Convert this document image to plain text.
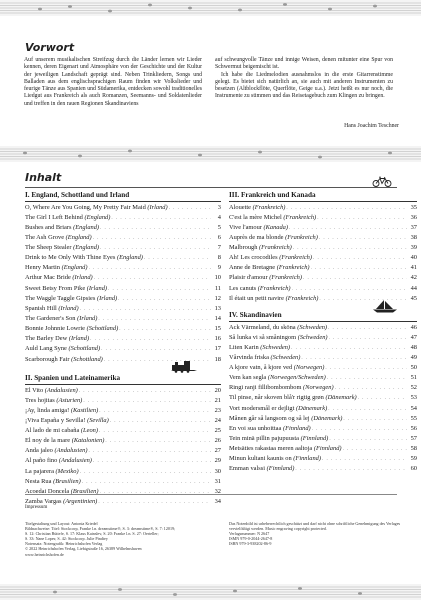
Vorwort

Auf unserem musikalischen Streifzug durch die Länder lernen wir Lieder kennen, deren Eigenart und Atmosphäre von der Geschichte und der Kultur der jeweiligen Landschaft geprägt sind. Neben Trinkliedern, Songs und Balladen aus dem englischsprachigen Raum finden wir Volkslieder und feurige Tänze aus Spanien und Südamerika, entdecken sowohl traditionelles Liedgut aus Frankreich als auch Romanzen, Seemanns- und Soldatenlieder und treffen in den rauen Regionen Skandinaviens

auf schwungvolle Tänze und innige Weisen, denen mitunter eine Spur von Schwermut beigemischt ist.

Ich habe die Liedmelodien ausnahmslos in die erste Gitarrenstimme gelegt. Es bietet sich natürlich an, sie auch mit anderen Instrumenten zu besetzen (Altblockflöte, Querflöte, Geige u.a.). Jetzt heißt es nur noch, die Instrumente zu stimmen und das Reisetagebuch zum Klingen zu bringen.

Hans Joachim Teschner
Inhalt
I. England, Schottland und Irland
O, Where Are You Going, My Pretty Fair Maid (Irland) . . .	3
The Girl I Left Behind (England) . . .	4
Bushes and Briars (England) . . .	5
The Ash Grove (England) . . .	6
The Sheep Stealer (England) . . .	7
Drink to Me Only With Thine Eyes (England) . . .	8
Henry Martin (England) . . .	9
Arthur Mac Bride (Irland) . . .	10
Sweet Betsy From Pike (Irland) . . .	11
The Waggle Taggle Gipsies (Irland) . . .	12
Spanish Hill (Irland) . . .	13
The Gardener's Son (Irland) . . .	14
Bonnie Johnnie Lowrie (Schottland) . . .	15
The Barley Dew (Irland) . . .	16
Auld Lang Syne (Schottland) . . .	17
Scarborough Fair (Schottland) . . .	18
II. Spanien und Lateinamerika
El Vito (Andalusien) . . .	20
Tres hojitas (Asturien) . . .	21
¡Ay, linda amiga! (Kastilien) . . .	23
¡Viva España y Sevilla! (Sevilla) . . .	24
Al lado de mi cabaña (Leon) . . .	25
El noy de la mare (Katalonien) . . .	26
Anda jaleo (Andalusien) . . .	27
Al paño fino (Andalusien) . . .	29
La pajarera (Mexiko) . . .	30
Nesta Rua (Brasilien) . . .	31
Acoedai Doncela (Brasilien) . . .	32
Zamba Vargas (Argentinien) . . .	34
III. Frankreich und Kanada
Alouette (Frankreich) . . .	35
C'est la mère Michel (Frankreich) . . .	36
Vive l'amour (Kanada) . . .	37
Auprès de ma blonde (Frankreich) . . .	38
Malbrough (Frankreich) . . .	39
Ah! Les crocodiles (Frankreich) . . .	40
Anne de Bretagne (Frankreich) . . .	41
Plaisir d'amour (Frankreich) . . .	42
Les canuts (Frankreich) . . .	44
Il était un petit navire (Frankreich) . . .	45
IV. Skandinavien
Ack Värmeland, du sköna (Schweden) . . .	46
Så lunka vi så småningom (Schweden) . . .	47
Liten Karin (Schweden) . . .	48
Vårvinda friska (Schweden) . . .	49
A kjore vatn, å kjore ved (Norwegen) . . .	50
Vem kan segla (Norwegen/Schweden) . . .	51
Ringi ranji fillibombombom (Norwegen) . . .	52
Til pinse, når skoven blå'r rigtig grøn (Dänemark) . . .	53
Vort modersmål er dejligt (Dänemark) . . .	54
Månen går så langsom og så lej (Dänemark) . . .	55
En voi sua unhoittaa (Finnland) . . .	56
Tein minä pillin pajupuusta (Finnland) . . .	57
Metsäties rakastaa meren aaltoja (Finnland) . . .	58
Minun kultani kaunis on (Finnland) . . .	59
Emman valssi (Finnland) . . .	60
Impressum

Titelgestaltung und Layout: Antonia Kriedel

Bildnachweise: Titel: Stockcorp, Franke l.n. dreamstime®, S. 3: dreamstime®, S. 7: 12019;

S. 12: Christian Büttefe, S. 17: Klaus Kainslev, S. 20: Franke l.n. S. 27: Oerteller;

S. 33: Nane Lopes; S. 42: Stockcorp. Julie Pindtey

Notensatz: Notengrafik: Heinrichshofen Verlag

© 2022 Heinrichshofen Verlag, Liebigstraße 16, 26389 Wilhelmshaven

www.heinrichshofen.de

Das Notenbild ist urheberrechtlich geschützt und darf nicht ohne schriftliche Genehmigung des Verlages vervielfältigt werden. Music engraving copyright protected.

Verlagsnummer: N 2647

ISMN 979-0-2044-2647-8

ISBN 979-3-938202-86-9
